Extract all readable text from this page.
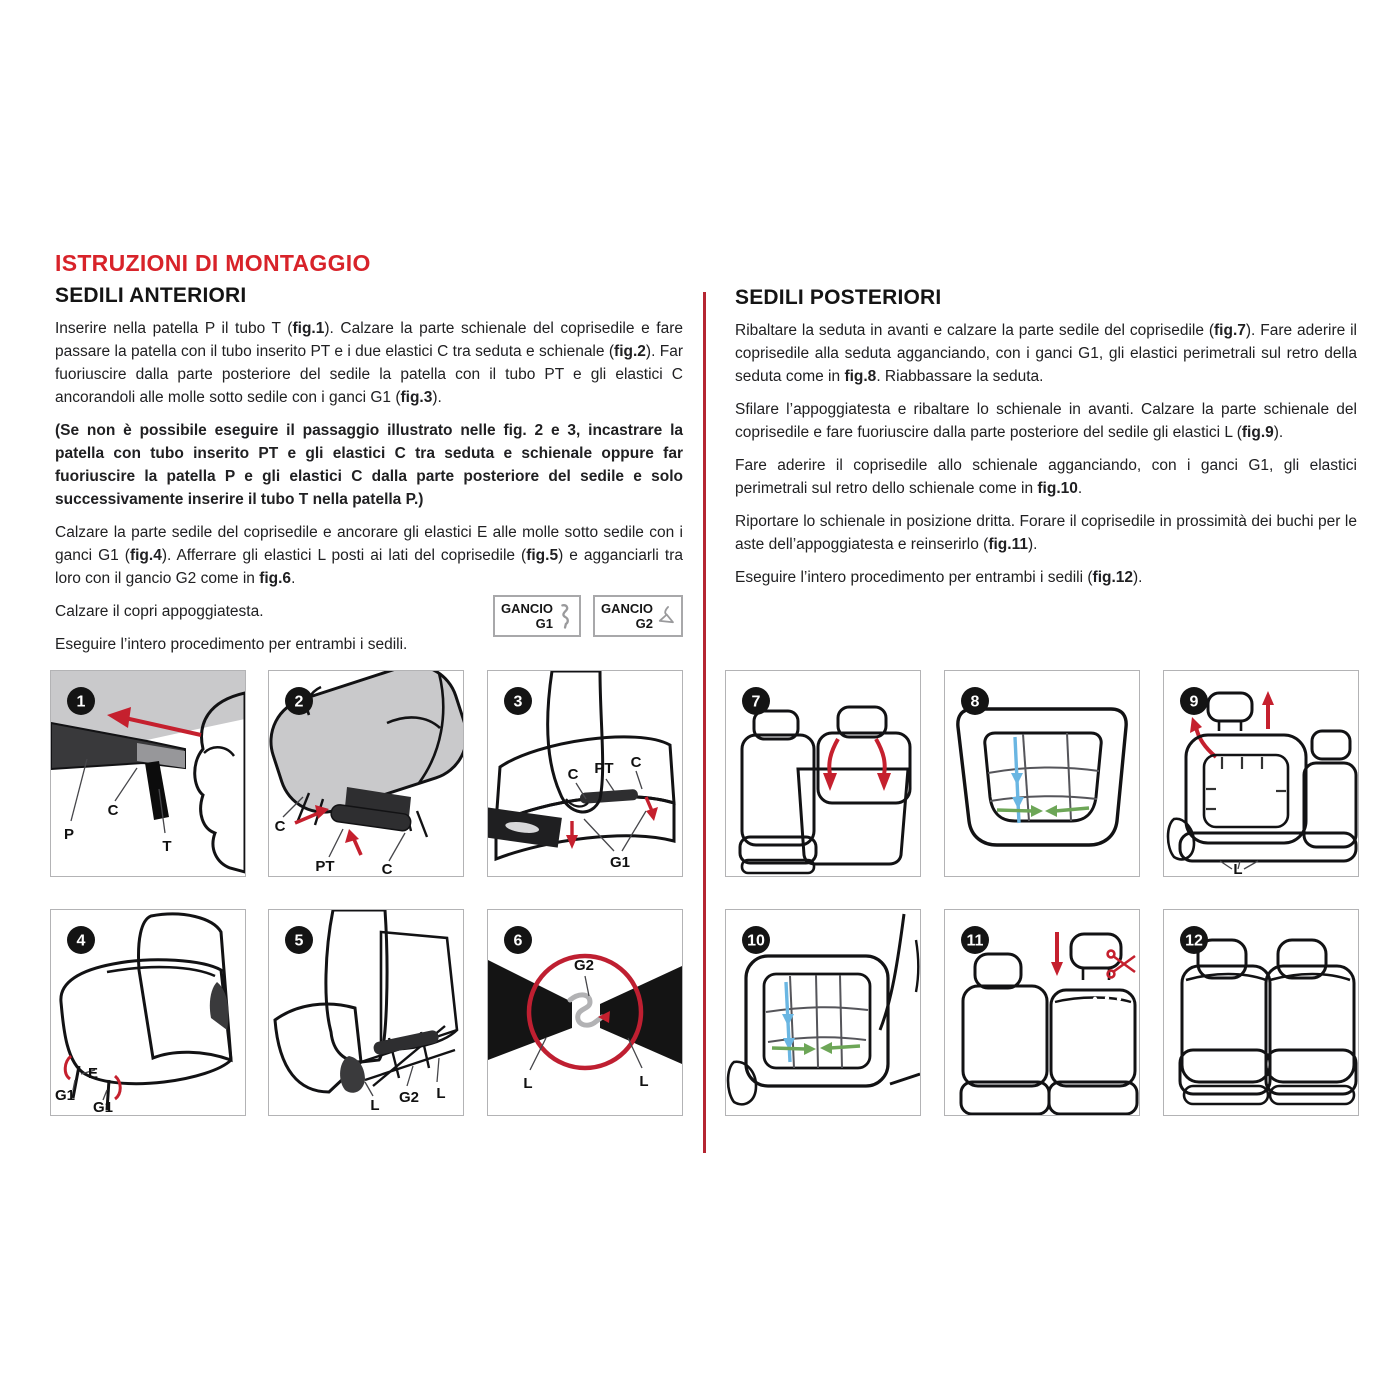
ISTRUZIONI DI MONTAGGIO
SEDILI ANTERIORI

Inserire nella patella P il tubo T (fig.1). Calzare la parte schienale del coprisedile e fare passare la patella con il tubo inserito PT e i due elastici C tra seduta e schienale (fig.2). Far fuoriuscire dalla parte posteriore del sedile la patella con il tubo PT e gli elastici C ancorandoli alle molle sotto sedile con i ganci G1 (fig.3).

(Se non è possibile eseguire il passaggio illustrato nelle fig. 2 e 3, incastrare la patella con tubo inserito PT e gli elastici C tra seduta e schienale oppure far fuoriuscire la patella P e gli elastici C dalla parte posteriore del sedile e solo successivamente inserire il tubo T nella patella P.)

Calzare la parte sedile del coprisedile e ancorare gli elastici E alle molle sotto sedile con i ganci G1 (fig.4). Afferrare gli elastici L posti ai lati del coprisedile (fig.5) e agganciarli tra loro con il gancio G2 come in fig.6.

Calzare il copri appoggiatesta.

Eseguire l’intero procedimento per entrambi i sedili.

GANCIO
G1
GANCIO
G2
SEDILI POSTERIORI

Ribaltare la seduta in avanti e calzare la parte sedile del coprisedile (fig.7). Fare aderire il coprisedile alla seduta agganciando, con i ganci G1, gli elastici perimetrali sul retro della seduta come in fig.8. Riabbassare la seduta.

Sfilare l’appoggiatesta e ribaltare lo schienale in avanti. Calzare la parte schienale del coprisedile e fare fuoriuscire dalla parte posteriore del sedile gli elastici L (fig.9).

Fare aderire il coprisedile allo schienale agganciando, con i ganci G1, gli elastici perimetrali sul retro dello schienale come in fig.10.

Riportare lo schienale in posizione dritta. Forare il coprisedile in prossimità dei buchi per le aste dell’appoggiatesta e reinserirlo (fig.11).

Eseguire l’intero procedimento per entrambi i sedili (fig.12).

1
P
C
T
2
C
PT	C
3
C PT C
G1
4
G1
E
G1
5
L G2 L
6
G2
L	L
7	8	9
L
10	11	12
